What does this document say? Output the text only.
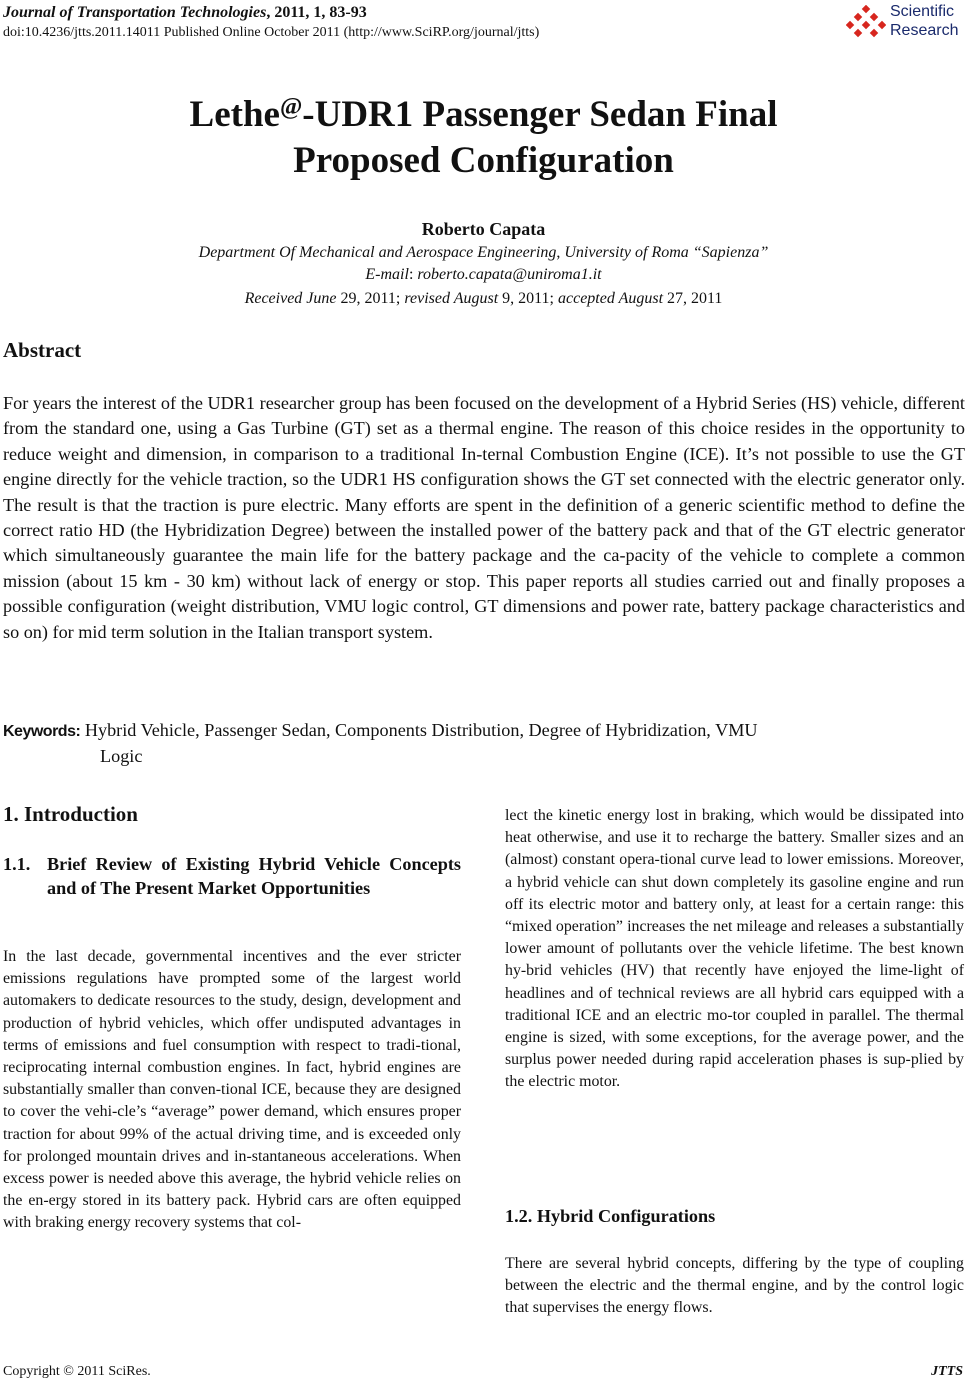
Journal of Transportation Technologies, 2011, 1, 83-93
doi:10.4236/jtts.2011.14011 Published Online October 2011 (http://www.SciRP.org/journal/jtts)
Scientific
Research
Lethe@-UDR1 Passenger Sedan Final
Proposed Configuration
Roberto Capata
Department Of Mechanical and Aerospace Engineering, University of Roma “Sapienza”
E-mail: roberto.capata@uniroma1.it
Received June 29, 2011; revised August 9, 2011; accepted August 27, 2011
Abstract
For years the interest of the UDR1 researcher group has been focused on the development of a Hybrid Series (HS) vehicle, different from the standard one, using a Gas Turbine (GT) set as a thermal engine. The reason of this choice resides in the opportunity to reduce weight and dimension, in comparison to a traditional In-ternal Combustion Engine (ICE). It’s not possible to use the GT engine directly for the vehicle traction, so the UDR1 HS configuration shows the GT set connected with the electric generator only. The result is that the traction is pure electric. Many efforts are spent in the definition of a generic scientific method to define the correct ratio HD (the Hybridization Degree) between the installed power of the battery pack and that of the GT electric generator which simultaneously guarantee the main life for the battery package and the ca-pacity of the vehicle to complete a common mission (about 15 km - 30 km) without lack of energy or stop. This paper reports all studies carried out and finally proposes a possible configuration (weight distribution, VMU logic control, GT dimensions and power rate, battery package characteristics and so on) for mid term solution in the Italian transport system.
Keywords: Hybrid Vehicle, Passenger Sedan, Components Distribution, Degree of Hybridization, VMU
Logic
1. Introduction
1.1. Brief Review of Existing Hybrid Vehicle Concepts and of The Present Market Opportunities
In the last decade, governmental incentives and the ever stricter emissions regulations have prompted some of the largest world automakers to dedicate resources to the study, design, development and production of hybrid vehicles, which offer undisputed advantages in terms of emissions and fuel consumption with respect to tradi-tional, reciprocating internal combustion engines. In fact, hybrid engines are substantially smaller than conven-tional ICE, because they are designed to cover the vehi-cle’s “average” power demand, which ensures proper traction for about 99% of the actual driving time, and is exceeded only for prolonged mountain drives and in-stantaneous accelerations. When excess power is needed above this average, the hybrid vehicle relies on the en-ergy stored in its battery pack. Hybrid cars are often equipped with braking energy recovery systems that col-
lect the kinetic energy lost in braking, which would be dissipated into heat otherwise, and use it to recharge the battery. Smaller sizes and an (almost) constant opera-tional curve lead to lower emissions. Moreover, a hybrid vehicle can shut down completely its gasoline engine and run off its electric motor and battery only, at least for a certain range: this “mixed operation” increases the net mileage and releases a substantially lower amount of pollutants over the vehicle lifetime. The best known hy-brid vehicles (HV) that recently have enjoyed the lime-light of headlines and of technical reviews are all hybrid cars equipped with a traditional ICE and an electric mo-tor coupled in parallel. The thermal engine is sized, with some exceptions, for the average power, and the surplus power needed during rapid acceleration phases is sup-plied by the electric motor.
1.2. Hybrid Configurations
There are several hybrid concepts, differing by the type of coupling between the electric and the thermal engine, and by the control logic that supervises the energy flows.
Copyright © 2011 SciRes.	JTTS
